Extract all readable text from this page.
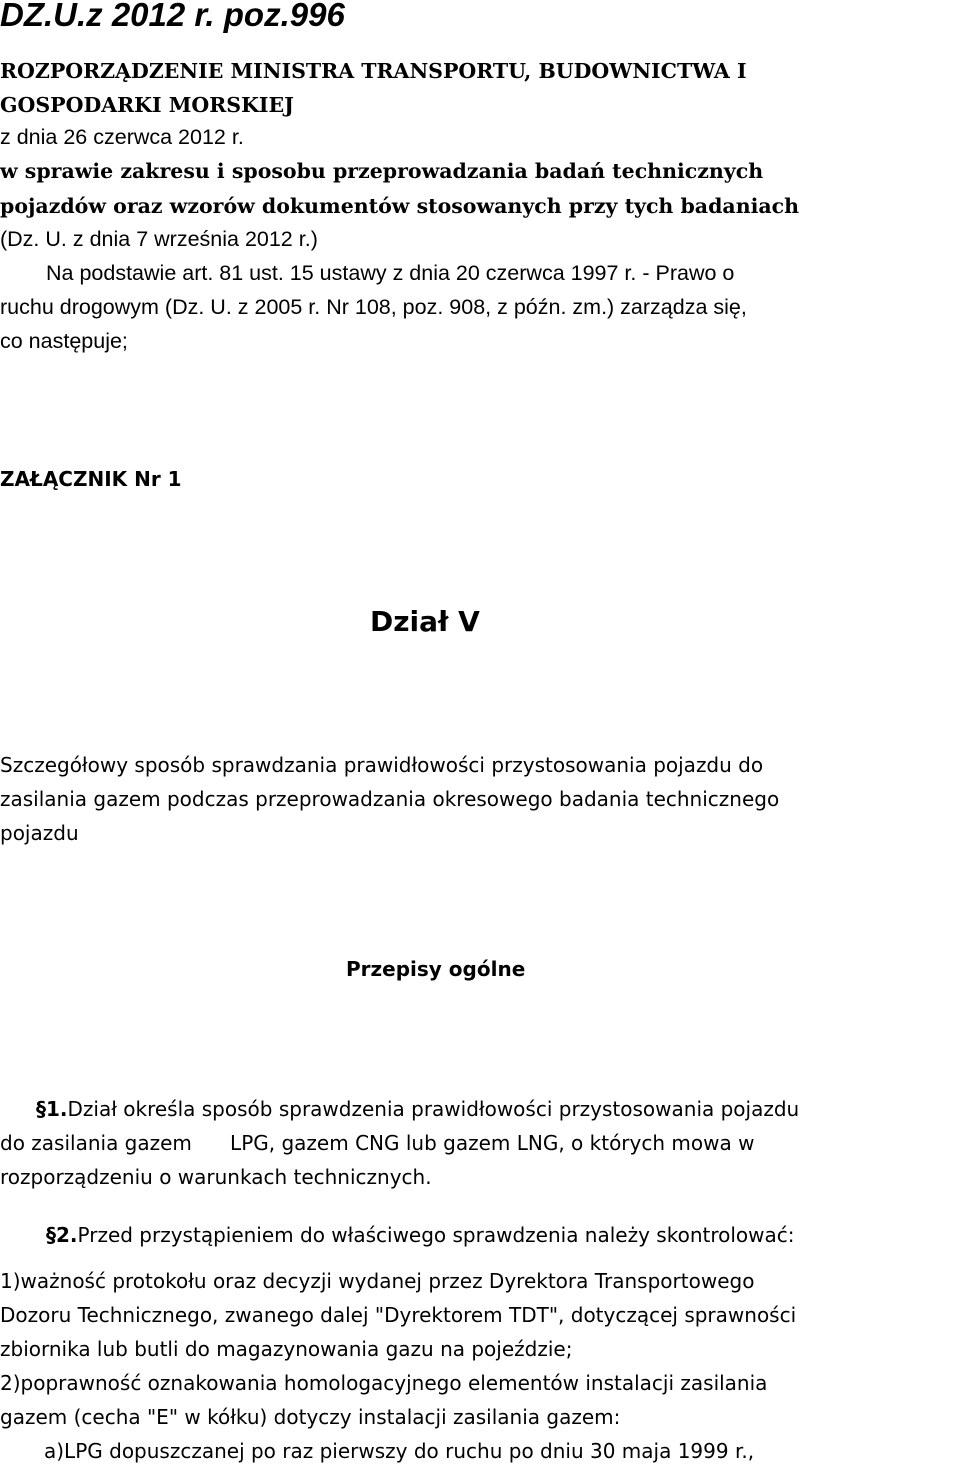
DZ.U.z 2012 r. poz.996
ROZPORZĄDZENIE MINISTRA TRANSPORTU, BUDOWNICTWA I
GOSPODARKI MORSKIEJ
z dnia 26 czerwca 2012 r.
w sprawie zakresu i sposobu przeprowadzania badań technicznych
pojazdów oraz wzorów dokumentów stosowanych przy tych badaniach
(Dz. U. z dnia 7 września 2012 r.)
Na podstawie art. 81 ust. 15 ustawy z dnia 20 czerwca 1997 r. - Prawo o
ruchu drogowym (Dz. U. z 2005 r. Nr 108, poz. 908, z późn. zm.) zarządza się,
co następuje;
ZAŁĄCZNIK Nr 1
Dział V
Szczegółowy sposób sprawdzania prawidłowości przystosowania pojazdu do
zasilania gazem podczas przeprowadzania okresowego badania technicznego
pojazdu
Przepisy ogólne
§1.Dział określa sposób sprawdzenia prawidłowości przystosowania pojazdu
do zasilania gazem      LPG, gazem CNG lub gazem LNG, o których mowa w
rozporządzeniu o warunkach technicznych.
§2.Przed przystąpieniem do właściwego sprawdzenia należy skontrolować:
1)ważność protokołu oraz decyzji wydanej przez Dyrektora Transportowego
Dozoru Technicznego, zwanego dalej "Dyrektorem TDT", dotyczącej sprawności
zbiornika lub butli do magazynowania gazu na pojeździe;
2)poprawność oznakowania homologacyjnego elementów instalacji zasilania
gazem (cecha "E" w kółku) dotyczy instalacji zasilania gazem:
a)LPG dopuszczanej po raz pierwszy do ruchu po dniu 30 maja 1999 r.,
